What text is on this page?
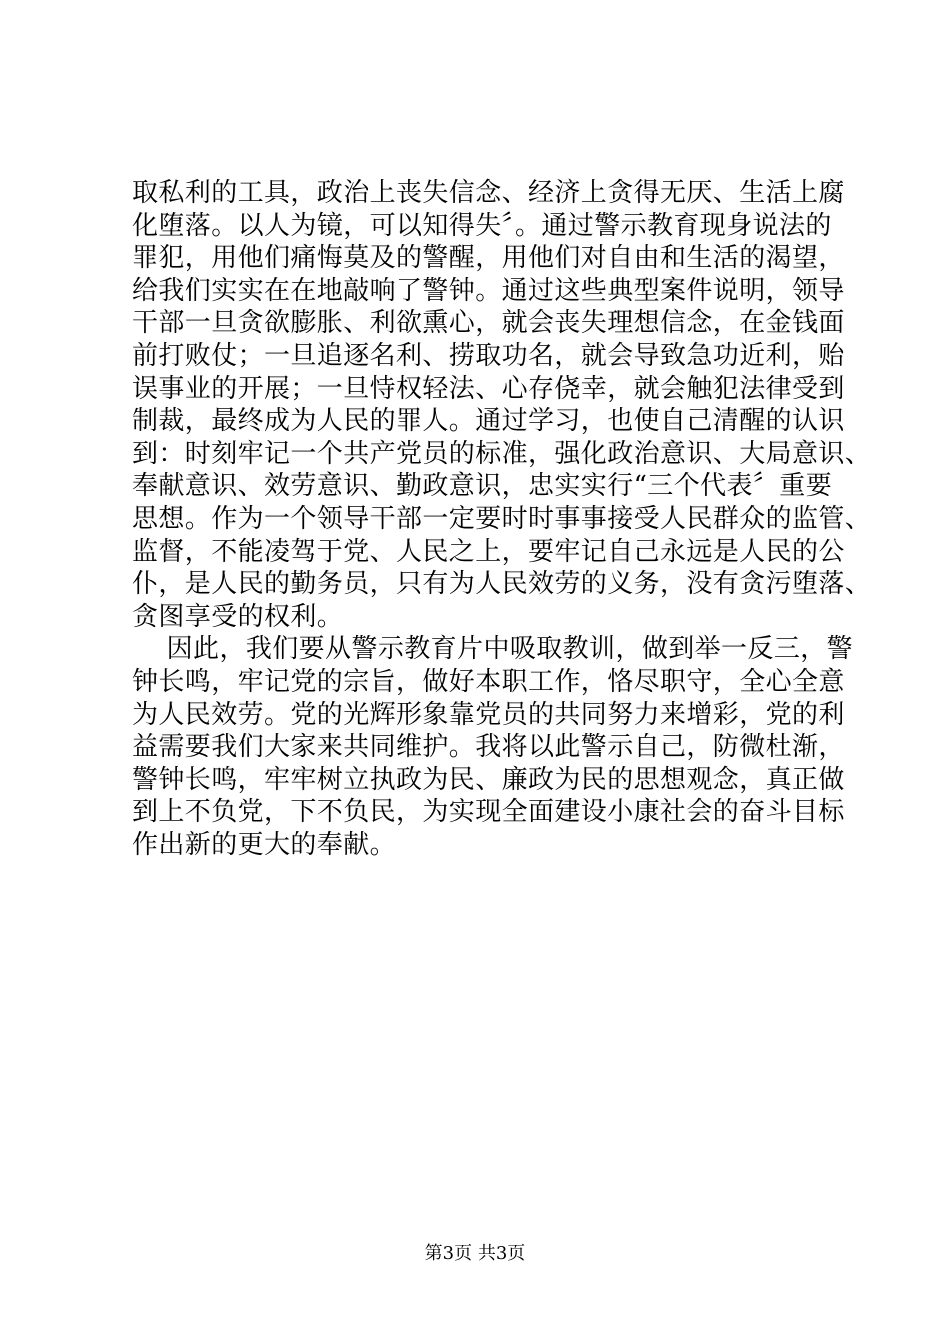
取私利的工具，政治上丧失信念、经济上贪得无厌、生活上腐
化堕落。以人为镜，可以知得失〞。通过警示教育现身说法的
罪犯，用他们痛悔莫及的警醒，用他们对自由和生活的渴望，
给我们实实在在地敲响了警钟。通过这些典型案件说明，领导
干部一旦贪欲膨胀、利欲熏心，就会丧失理想信念，在金钱面
前打败仗；一旦追逐名利、捞取功名，就会导致急功近利，贻
误事业的开展；一旦恃权轻法、心存侥幸，就会触犯法律受到
制裁，最终成为人民的罪人。通过学习，也使自己清醒的认识
到：时刻牢记一个共产党员的标准，强化政治意识、大局意识、
奉献意识、效劳意识、勤政意识，忠实实行“三个代表〞重要
思想。作为一个领导干部一定要时时事事接受人民群众的监管、
监督，不能凌驾于党、人民之上，要牢记自己永远是人民的公
仆，是人民的勤务员，只有为人民效劳的义务，没有贪污堕落、
贪图享受的权利。
因此，我们要从警示教育片中吸取教训，做到举一反三，警
钟长鸣，牢记党的宗旨，做好本职工作，恪尽职守，全心全意
为人民效劳。党的光辉形象靠党员的共同努力来增彩，党的利
益需要我们大家来共同维护。我将以此警示自己，防微杜渐，
警钟长鸣，牢牢树立执政为民、廉政为民的思想观念，真正做
到上不负党，下不负民，为实现全面建设小康社会的奋斗目标
作出新的更大的奉献。
第3页 共3页
